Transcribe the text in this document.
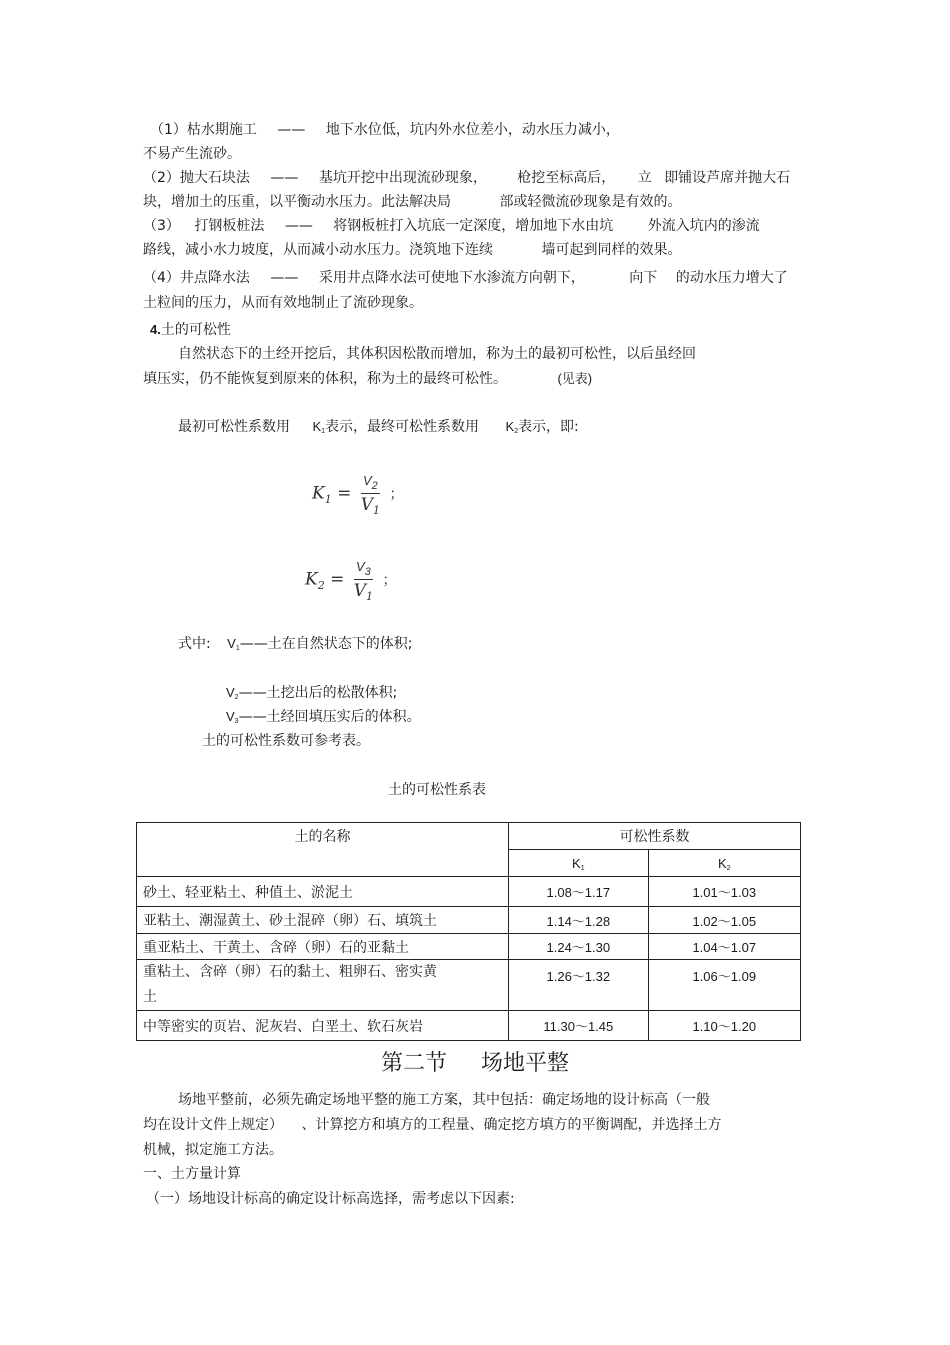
（1）枯水期施工 —— 地下水位低，坑内外水位差小，动水压力减小，
不易产生流砂。
（2）抛大石块法 —— 基坑开挖中出现流砂现象， 枪挖至标高后， 立 即铺设芦席并抛大石
块，增加土的压重，以平衡动水压力。此法解决局	部或轻微流砂现象是有效的。
（3） 打钢板桩法 —— 将钢板桩打入坑底一定深度，增加地下水由坑 外流入坑内的渗流
路线，减小水力坡度，从而减小动水压力。浇筑地下连续	墙可起到同样的效果。
（4）井点降水法 —— 采用井点降水法可使地下水渗流方向朝下，	向下 的动水压力增大了
土粒间的压力，从而有效地制止了流砂现象。
4.土的可松性
自然状态下的土经开挖后，其体积因松散而增加，称为土的最初可松性，以后虽经回
填压实，仍不能恢复到原来的体积，称为土的最终可松性。	(见表)
最初可松性系数用 K1表示，最终可松性系数用 K2表示，即:
$K_1 = \frac{V_2}{V_1}$ ；
$K_2 = \frac{V_3}{V_1}$ ；
式中: V1——土在自然状态下的体积;
V2——土挖出后的松散体积;
V3——土经回填压实后的体积。
土的可松性系数可参考表。
土的可松性系表
土的名称	可松性系数	
	K1	K2
砂土、轻亚粘土、种值土、淤泥土	1.08～1.17	1.01～1.03
亚粘土、潮湿黄土、砂土混碎（卵）石、填筑土	1.14～1.28	1.02～1.05
重亚粘土、干黄土、含碎（卵）石的亚黏土	1.24～1.30	1.04～1.07

重粘土、含碎（卵）石的黏土、粗卵石、密实黄
土	1.26～1.32	1.06～1.09
中等密实的页岩、泥灰岩、白垩土、软石灰岩	11.30～1.45	1.10～1.20
第二节 场地平整
场地平整前，必须先确定场地平整的施工方案，其中包括：确定场地的设计标高（一般
均在设计文件上规定） 、计算挖方和填方的工程量、确定挖方填方的平衡调配，并选择土方
机械，拟定施工方法。
一、土方量计算
（一）场地设计标高的确定设计标高选择，需考虑以下因素:
